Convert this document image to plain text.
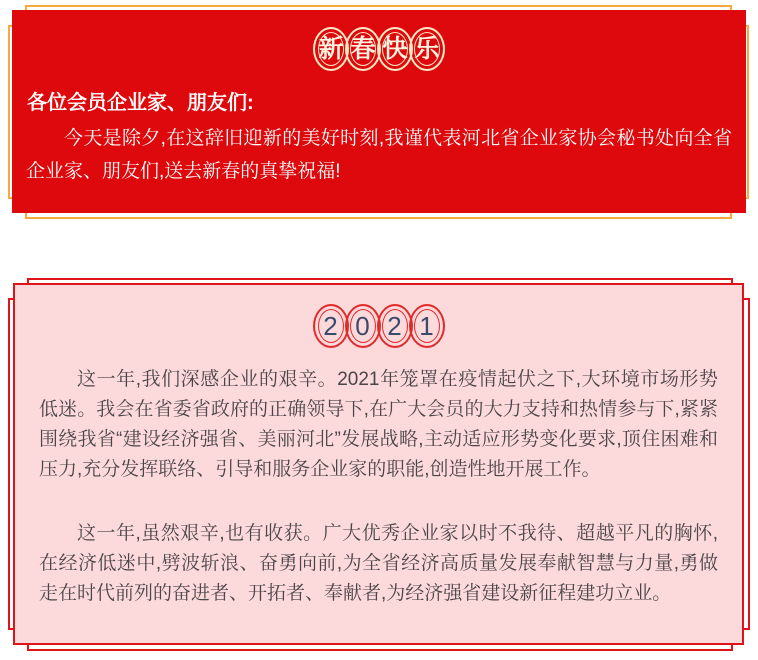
新 春 快 乐
各位会员企业家、朋友们:
今天是除夕,在这辞旧迎新的美好时刻,我谨代表河北省企业家协会秘书处向全省企业家、朋友们,送去新春的真挚祝福!
2 0 2 1
这一年,我们深感企业的艰辛。2021年笼罩在疫情起伏之下,大环境市场形势低迷。我会在省委省政府的正确领导下,在广大会员的大力支持和热情参与下,紧紧围绕我省“建设经济强省、美丽河北”发展战略,主动适应形势变化要求,顶住困难和压力,充分发挥联络、引导和服务企业家的职能,创造性地开展工作。
这一年,虽然艰辛,也有收获。广大优秀企业家以时不我待、超越平凡的胸怀,在经济低迷中,劈波斩浪、奋勇向前,为全省经济高质量发展奉献智慧与力量,勇做走在时代前列的奋进者、开拓者、奉献者,为经济强省建设新征程建功立业。
